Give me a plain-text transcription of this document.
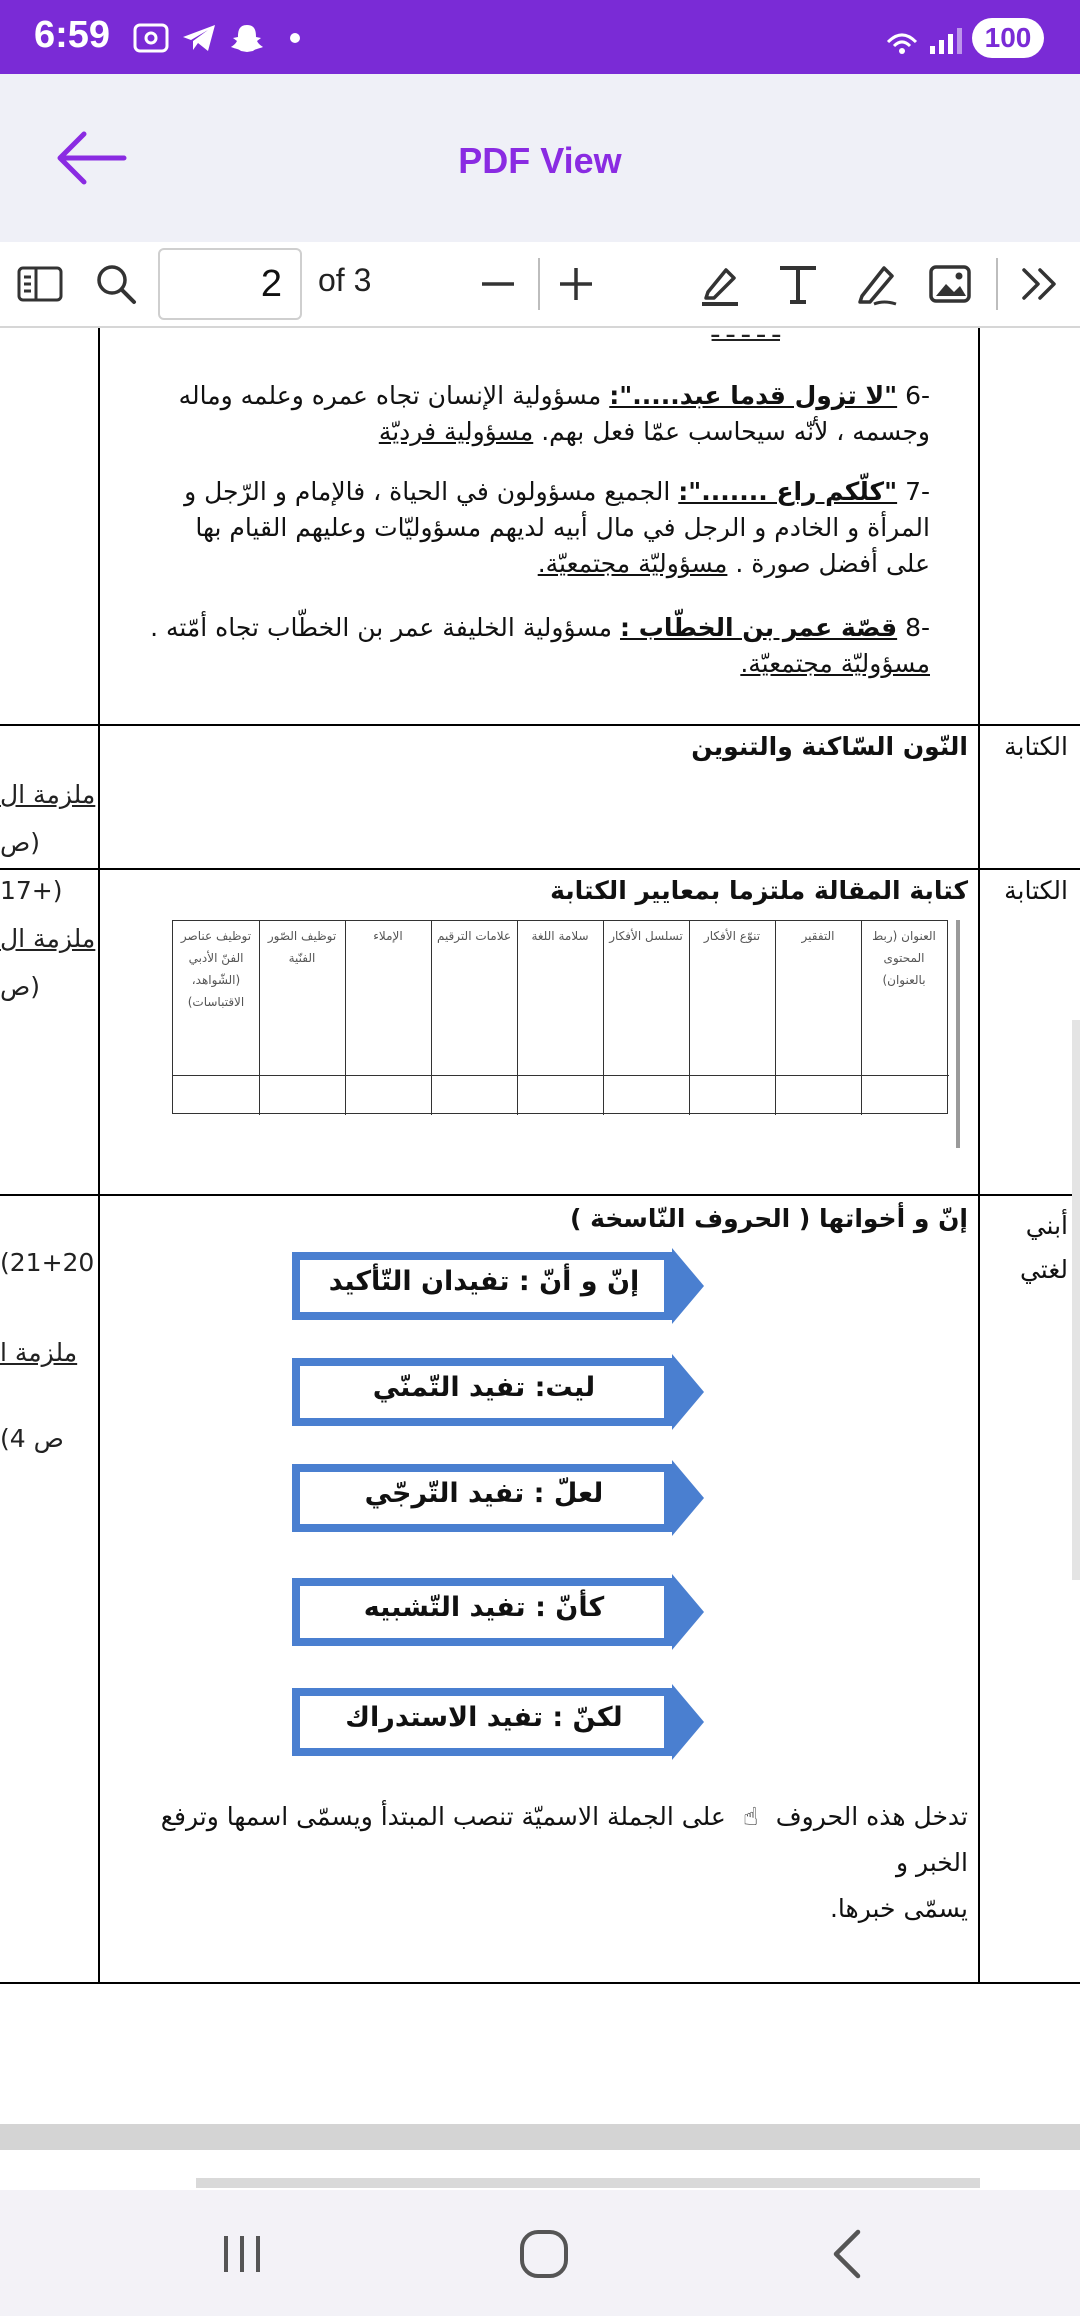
6:59	100
PDF View
2	of 3
ـ ـ ـ ـ ـ
-6 "لا تزول قدما عبد.....": مسؤولية الإنسان تجاه عمره وعلمه وماله وجسمه ، لأنّه سيحاسب عمّا فعل بهم. مسؤولية فرديّة
-7 "كلّكم راع .......": الجميع مسؤولون في الحياة ، فالإمام و الرّجل و المرأة و الخادم و الرجل في مال أبيه لديهم مسؤوليّات وعليهم القيام بها على أفضل صورة . مسؤوليّة مجتمعيّة.
-8 قصّة عمر بن الخطّاب : مسؤولية الخليفة عمر بن الخطّاب تجاه أمّته . مسؤوليّة مجتمعيّة.
الكتابة
النّون السّاكنة والتنوين
ملزمة ال
ص)
الكتابة
كتابة المقالة ملتزما بمعايير الكتابة
17+)
ملزمة ال
ص)
أبني لغتي
إنّ و أخواتها ( الحروف النّاسخة )
(21+20
ملزمة ا
(ص 4
تدخل هذه الحروف ☝ على الجملة الاسميّة تنصب المبتدأ ويسمّى اسمها وترفع الخبر و
يسمّى خبرها.
العنوان (ربط المحتوى بالعنوان)
التفقير
تنوّع الأفكار
تسلسل الأفكار
سلامة اللغة
علامات الترقيم
الإملاء
توظيف الصّور الفنّية
توظيف عناصر الفنّ الأدبي (الشّواهد، الاقتباسات)
إنّ و أنّ : تفيدان التّأكيد
ليت: تفيد التّمنّي
لعلّ : تفيد التّرجّي
كأنّ : تفيد التّشبيه
لكنّ : تفيد الاستدراك
